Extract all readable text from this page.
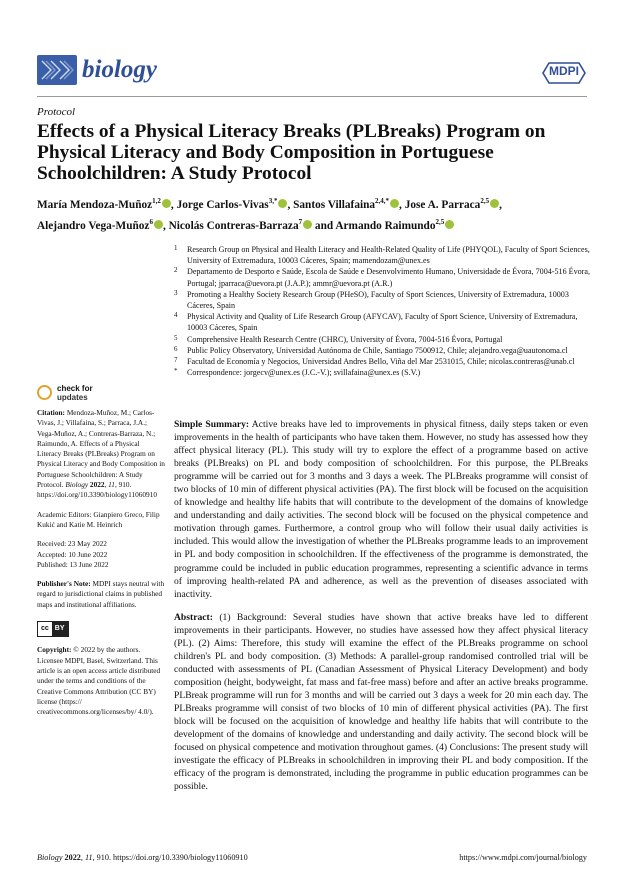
biology	MDPI
Protocol
Effects of a Physical Literacy Breaks (PLBreaks) Program on Physical Literacy and Body Composition in Portuguese Schoolchildren: A Study Protocol
María Mendoza-Muñoz$^{1,2}$ , Jorge Carlos-Vivas$^{3,*}$ , Santos Villafaina$^{2,4,*}$ , Jose A. Parraca$^{2,5}$ ,
Alejandro Vega-Muñoz$^6$ , Nicolás Contreras-Barraza$^7$ and Armando Raimundo$^{2,5}$
1 Research Group on Physical and Health Literacy and Health-Related Quality of Life (PHYQOL), Faculty of Sport Sciences, University of Extremadura, 10003 Cáceres, Spain; mamendozam@unex.es
2 Departamento de Desporto e Saúde, Escola de Saúde e Desenvolvimento Humano, Universidade de Évora, 7004-516 Évora, Portugal; jparraca@uevora.pt (J.A.P.); ammr@uevora.pt (A.R.)
3 Promoting a Healthy Society Research Group (PHeSO), Faculty of Sport Sciences, University of Extremadura, 10003 Cáceres, Spain
4 Physical Activity and Quality of Life Research Group (AFYCAV), Faculty of Sport Science, University of Extremadura, 10003 Cáceres, Spain
5 Comprehensive Health Research Centre (CHRC), University of Évora, 7004-516 Évora, Portugal
6 Public Policy Observatory, Universidad Autónoma de Chile, Santiago 7500912, Chile; alejandro.vega@uautonoma.cl
7 Facultad de Economía y Negocios, Universidad Andres Bello, Viña del Mar 2531015, Chile; nicolas.contreras@unab.cl
* Correspondence: jorgecv@unex.es (J.C.-V.); svillafaina@unex.es (S.V.)
check for
updates

Citation: Mendoza-Muñoz, M.; Carlos-Vivas, J.; Villafaina, S.; Parraca, J.A.; Vega-Muñoz, A.; Contreras-Barraza, N.; Raimundo, A. Effects of a Physical Literacy Breaks (PLBreaks) Program on Physical Literacy and Body Composition in Portuguese Schoolchildren: A Study Protocol. Biology 2022, 11, 910. https://doi.org/10.3390/biology11060910

Academic Editors: Gianpiero Greco, Filip Kukić and Katie M. Heinrich

Received: 23 May 2022
Accepted: 10 June 2022
Published: 13 June 2022

Publisher's Note: MDPI stays neutral with regard to jurisdictional claims in published maps and institutional affiliations.

cc BY

Copyright: © 2022 by the authors. Licensee MDPI, Basel, Switzerland. This article is an open access article distributed under the terms and conditions of the Creative Commons Attribution (CC BY) license (https:// creativecommons.org/licenses/by/ 4.0/).

Simple Summary: Active breaks have led to improvements in physical fitness, daily steps taken or even improvements in the health of participants who have taken them. However, no study has assessed how they affect physical literacy (PL). This study will try to explore the effect of a programme based on active breaks (PLBreaks) on PL and body composition of schoolchildren. For this purpose, the PLBreaks programme will be carried out for 3 months and 3 days a week. The PLBreaks programme will consist of two blocks of 10 min of different physical activities (PA). The first block will be focused on the acquisition of knowledge and healthy life habits that will contribute to the development of the domains of knowledge and understanding and daily activities. The second block will be focused on the physical competence and motivation through games. Furthermore, a control group who will follow their usual daily activities is included. This would allow the investigation of whether the PLBreaks programme leads to an improvement in PL and body composition in schoolchildren. If the effectiveness of the programme is demonstrated, the programme could be included in public education programmes, representing a scientific advance in terms of improving health-related PA and adherence, as well as the prevention of diseases associated with inactivity.

Abstract: (1) Background: Several studies have shown that active breaks have led to different improvements in their participants. However, no studies have assessed how they affect physical literacy (PL). (2) Aims: Therefore, this study will examine the effect of the PLBreaks programme on school children's PL and body composition. (3) Methods: A parallel-group randomised controlled trial will be conducted with assessments of PL (Canadian Assessment of Physical Literacy Development) and body composition (height, bodyweight, fat mass and fat-free mass) before and after an active breaks programme. PLBreak programme will run for 3 months and will be carried out 3 days a week for 20 min each day. The PLBreaks programme will consist of two blocks of 10 min of different physical activities (PA). The first block will be focused on the acquisition of knowledge and healthy life habits that will contribute to the development of the domains of knowledge and understanding and daily activity. The second block will be focused on physical competence and motivation throughout games. (4) Conclusions: The present study will investigate the efficacy of PLBreaks in schoolchildren in improving their PL and body composition. If the efficacy of the program is demonstrated, including the programme in public education programmes can be possible.

Biology 2022, 11, 910. https://doi.org/10.3390/biology11060910	https://www.mdpi.com/journal/biology
